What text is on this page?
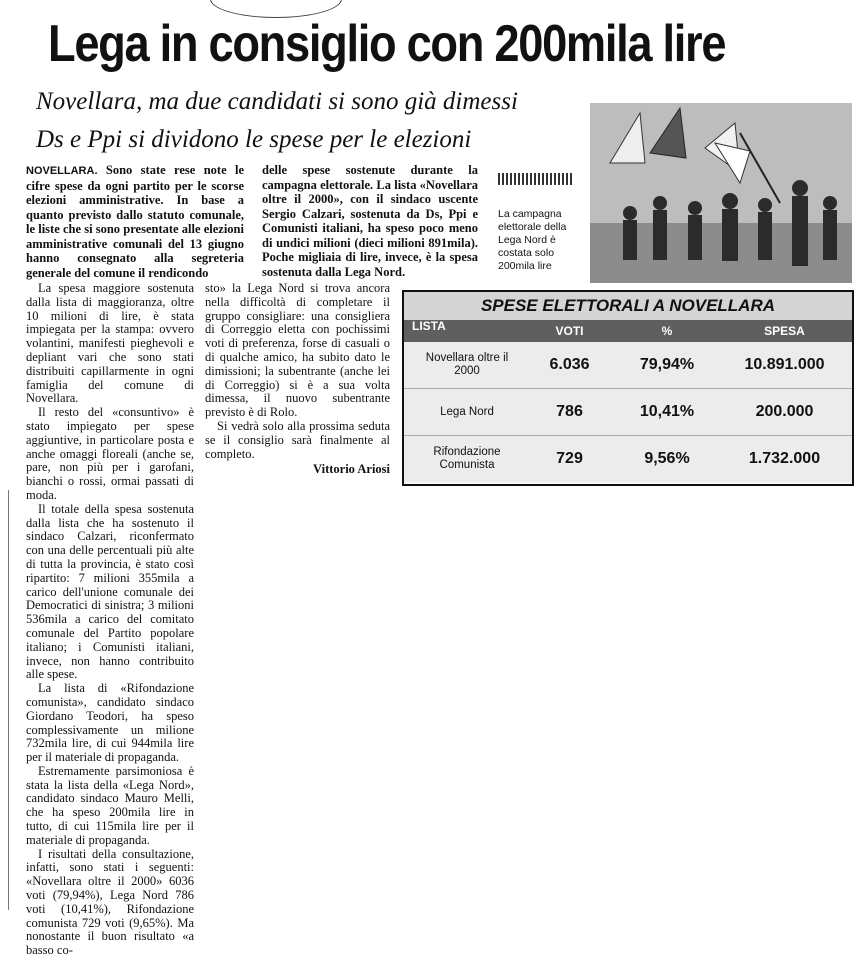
Lega in consiglio con 200mila lire
Novellara, ma due candidati si sono già dimessi
Ds e Ppi si dividono le spese per le elezioni
NOVELLARA. Sono state rese note le cifre spese da ogni partito per le scorse elezioni amministrative. In base a quanto previsto dallo statuto comunale, le liste che si sono presentate alle elezioni amministrative comunali del 13 giugno hanno consegnato alla segreteria generale del comune il rendicondo
delle spese sostenute durante la campagna elettorale. La lista «Novellara oltre il 2000», con il sindaco uscente Sergio Calzari, sostenuta da Ds, Ppi e Comunisti italiani, ha speso poco meno di undici milioni (dieci milioni 891mila). Poche migliaia di lire, invece, è la spesa sostenuta dalla Lega Nord.
La campagna elettorale della Lega Nord è costata solo 200mila lire

La spesa maggiore sostenuta dalla lista di maggioranza, oltre 10 milioni di lire, è stata impiegata per la stampa: ovvero volantini, manifesti pieghevoli e depliant vari che sono stati distribuiti capillarmente in ogni famiglia del comune di Novellara.

Il resto del «consuntivo» è stato impiegato per spese aggiuntive, in particolare posta e anche omaggi floreali (anche se, pare, non più per i garofani, bianchi o rossi, ormai passati di moda.

Il totale della spesa sostenuta dalla lista che ha sostenuto il sindaco Calzari, riconfermato con una delle percentuali più alte di tutta la provincia, è stato così ripartito: 7 milioni 355mila a carico dell'unione comunale dei Democratici di sinistra; 3 milioni 536mila a carico del comitato comunale del Partito popolare italiano; i Comunisti italiani, invece, non hanno contribuito alle spese.

La lista di «Rifondazione comunista», candidato sindaco Giordano Teodori, ha speso complessivamente un milione 732mila lire, di cui 944mila lire per il materiale di propaganda.

Estremamente parsimoniosa è stata la lista della «Lega Nord», candidato sindaco Mauro Melli, che ha speso 200mila lire in tutto, di cui 115mila lire per il materiale di propaganda.

I risultati della consultazione, infatti, sono stati i seguenti: «Novellara oltre il 2000» 6036 voti (79,94%), Lega Nord 786 voti (10,41%), Rifondazione comunista 729 voti (9,65%). Ma nonostante il buon risultato «a basso co-

sto» la Lega Nord si trova ancora nella difficoltà di completare il gruppo consigliare: una consigliera di Correggio eletta con pochissimi voti di preferenza, forse di casuali o di qualche amico, ha subito dato le dimissioni; la subentrante (anche lei di Correggio) si è a sua volta dimessa, il nuovo subentrante previsto è di Rolo.

Si vedrà solo alla prossima seduta se il consiglio sarà finalmente al completo.

Vittorio Ariosi
SPESE ELETTORALI A NOVELLARA
LISTA	VOTI	%	SPESA
Novellara oltre il 2000	6.036	79,94%	10.891.000
Lega Nord	786	10,41%	200.000
Rifondazione Comunista	729	9,56%	1.732.000
